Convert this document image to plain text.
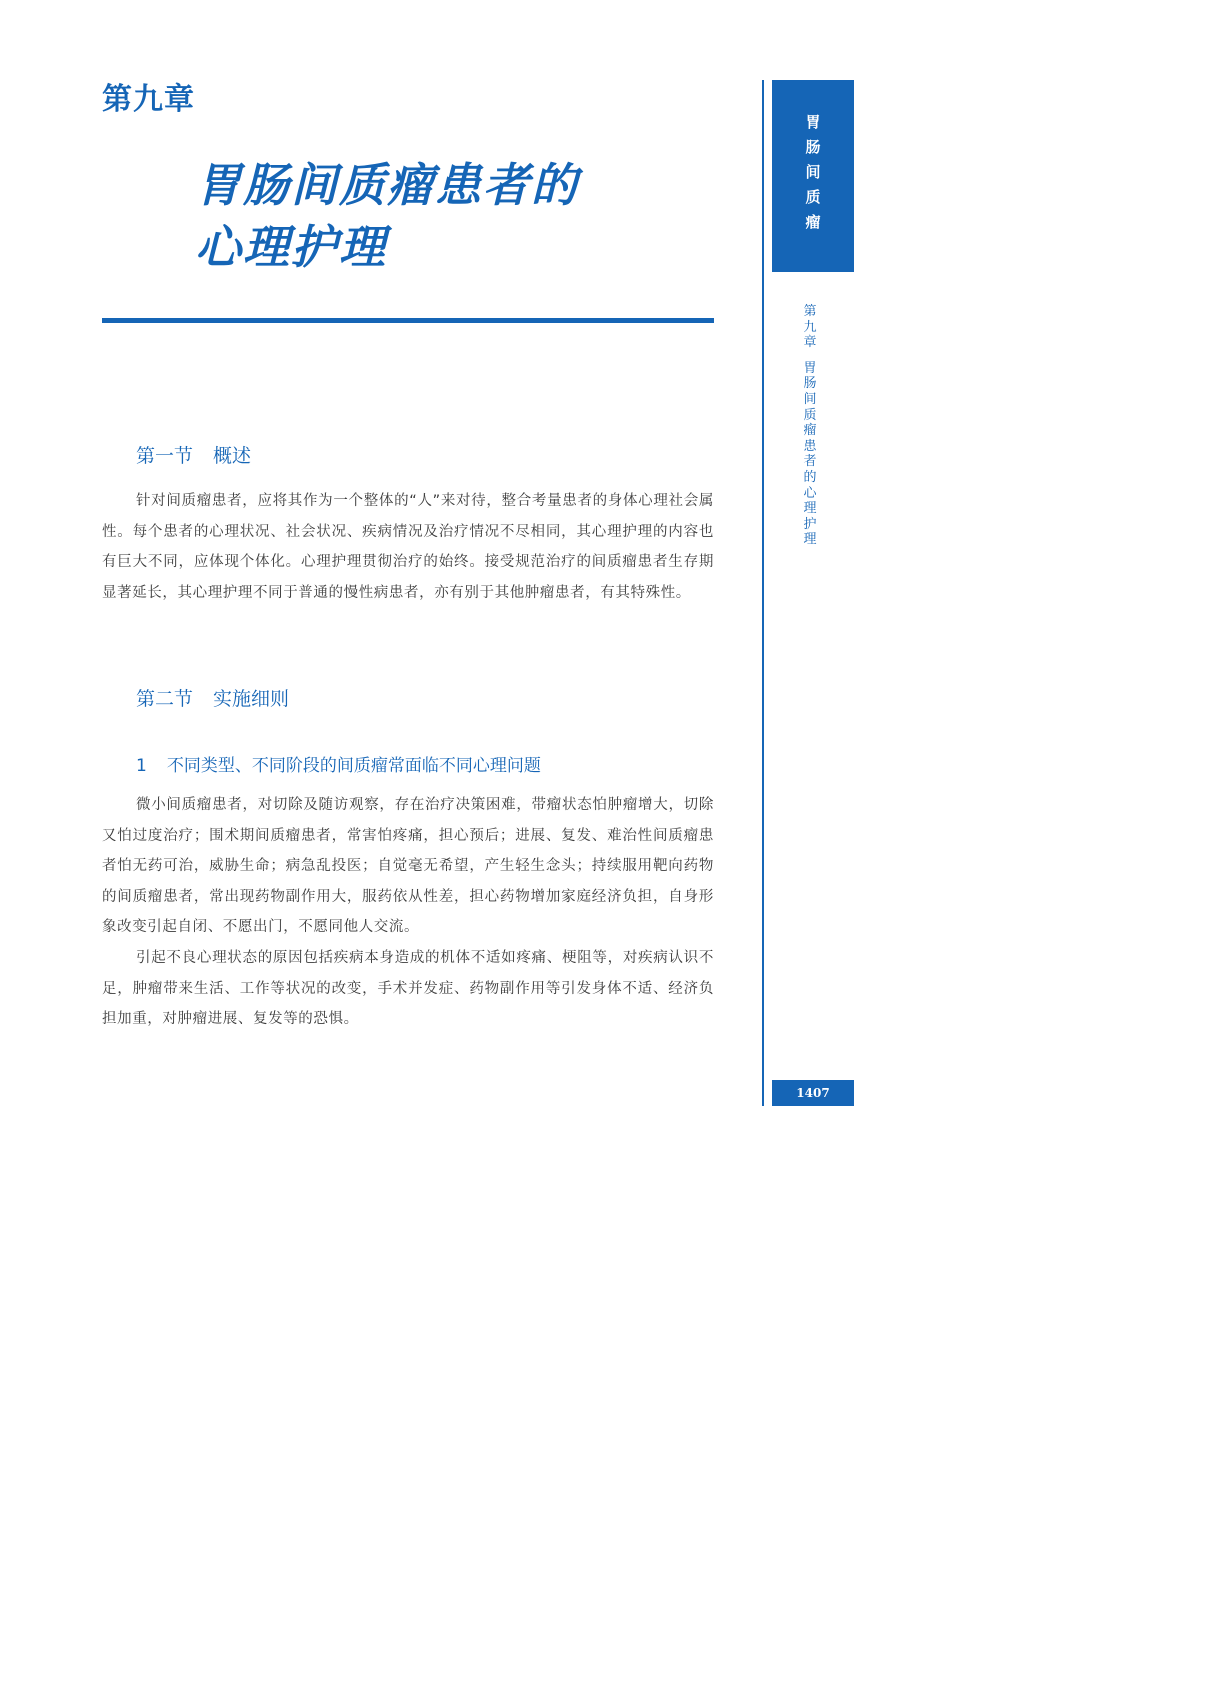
第九章
胃肠间质瘤患者的
心理护理
第一节 概述

针对间质瘤患者，应将其作为一个整体的“人”来对待，整合考量患者的身体心理社会属性。每个患者的心理状况、社会状况、疾病情况及治疗情况不尽相同，其心理护理的内容也有巨大不同，应体现个体化。心理护理贯彻治疗的始终。接受规范治疗的间质瘤患者生存期显著延长，其心理护理不同于普通的慢性病患者，亦有别于其他肿瘤患者，有其特殊性。

第二节 实施细则
1 不同类型、不同阶段的间质瘤常面临不同心理问题

微小间质瘤患者，对切除及随访观察，存在治疗决策困难，带瘤状态怕肿瘤增大，切除又怕过度治疗；围术期间质瘤患者，常害怕疼痛，担心预后；进展、复发、难治性间质瘤患者怕无药可治，威胁生命；病急乱投医；自觉毫无希望，产生轻生念头；持续服用靶向药物的间质瘤患者，常出现药物副作用大，服药依从性差，担心药物增加家庭经济负担，自身形象改变引起自闭、不愿出门，不愿同他人交流。

引起不良心理状态的原因包括疾病本身造成的机体不适如疼痛、梗阻等，对疾病认识不足，肿瘤带来生活、工作等状况的改变，手术并发症、药物副作用等引发身体不适、经济负担加重，对肿瘤进展、复发等的恐惧。

胃
肠
间
质
瘤
第
九
章
胃
肠
间
质
瘤
患
者
的
心
理
护
理
1407
